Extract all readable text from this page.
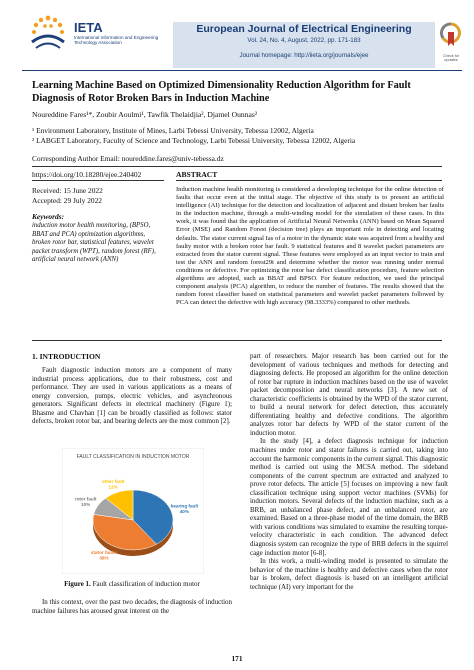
IETA
International Information and Engineering Technology Association
European Journal of Electrical Engineering
Vol. 24, No. 4, August, 2022, pp. 171-183
Journal homepage: http://iieta.org/journals/ejee	Check for updates
Learning Machine Based on Optimized Dimensionality Reduction Algorithm for Fault Diagnosis of Rotor Broken Bars in Induction Machine
Noureddine Fares¹*, Zoubir Aoulmi¹, Tawfik Thelaidjia², Djamel Ounnas²
¹ Environment Laboratory, Institute of Mines, Larbi Tebessi University, Tebessa 12002, Algeria
² LABGET Laboratory, Faculty of Science and Technology, Larbi Tebessi University, Tebessa 12002, Algeria
Corresponding Author Email: noureddine.fares@univ-tebessa.dz
https://doi.org/10.18280/ejee.240402	ABSTRACT
Received: 15 June 2022
Accepted: 29 July 2022
Keywords:
induction motor health monitoring, (BPSO, BBAT and PCA) optimization algorithms, broken rotor bar, statistical features, wavelet packet transform (WPT), random forest (RF), artificial neural network (ANN)
Induction machine health monitoring is considered a developing technique for the online detection of faults that occur even at the initial stage. The objective of this study is to present an artificial intelligence (AI) technique for the detection and localization of adjacent and distant broken bar faults in the induction machine, through a multi-winding model for the simulation of these cases. In this work, it was found that the application of Artificial Neural Networks (ANN) based on Mean Squared Error (MSE) and Random Forest (decision tree) plays an important role in detecting and locating defaults. The stator current signal Ias of a motor in the dynamic state was acquired from a healthy and faulty motor with a broken rotor bar fault. 9 statistical features and 8 wavelet packet parameters are extracted from the stator current signal. These features were employed as an input vector to train and test the ANN and random forest29t and determine whether the motor was running under normal conditions or defective. For optimizing the rotor bar defect classification procedure, feature selection algorithms are adopted, such as BBAT and BPSO. For feature reduction, we used the principal component analysis (PCA) algorithm, to reduce the number of features. The results showed that the random forest classifier based on statistical parameters and wavelet packet parameters followed by PCA can detect the defective with high accuracy (98.3333%) compared to other methods.
1. INTRODUCTION
Fault diagnostic induction motors are a component of many industrial process applications, due to their robustness, cost and performance. They are used in various applications as a means of energy conversion, pumps, electric vehicles, and asynchronous generators. Significant defects in electrical machinery (Figure 1); Bhasme and Chavhan [1] can be broadly classified as follows: stator defects, broken rotor bar, and bearing defects are the most common [2].
FAULT CLASSIFICATION IN INDUCTION MOTOR
bearing fault
40%
stator faults
38%
rotor fault
10%
other fault
12%
Figure 1. Fault classification of induction motor
In this context, over the past two decades, the diagnosis of induction machine failures has aroused great interest on the

part of researchers. Major research has been carried out for the development of various techniques and methods for detecting and diagnosing defects. He proposed an algorithm for the online detection of rotor bar rupture in induction machines based on the use of wavelet packet decomposition and neural networks [3]. A new set of characteristic coefficients is obtained by the WPD of the stator current, to build a neural network for defect detection, thus accurately differentiating healthy and defective conditions. The algorithm analyzes rotor bar defects by WPD of the stator current of the induction motor.

In the study [4], a defect diagnosis technique for induction machines under rotor and stator failures is carried out, taking into account the harmonic components in the current signal. This diagnostic method is carried out using the MCSA method. The sideband components of the current spectrum are extracted and analyzed to prove rotor defects. The article [5] focuses on improving a new fault classification technique using support vector machines (SVMs) for induction motors. Several defects of the induction machine, such as a BRB, an unbalanced phase defect, and an unbalanced rotor, are examined. Based on a three-phase model of the time domain, the BRB with various conditions was simulated to examine the resulting torque-velocity characteristic in each condition. The advanced defect diagnosis system can recognize the type of BRB defects in the squirrel cage induction motor [6-8].

In this work, a multi-winding model is presented to simulate the behavior of the machine is healthy and defective cases when the rotor bar is broken, defect diagnosis is based on an intelligent artificial technique (AI) very important for the

171
